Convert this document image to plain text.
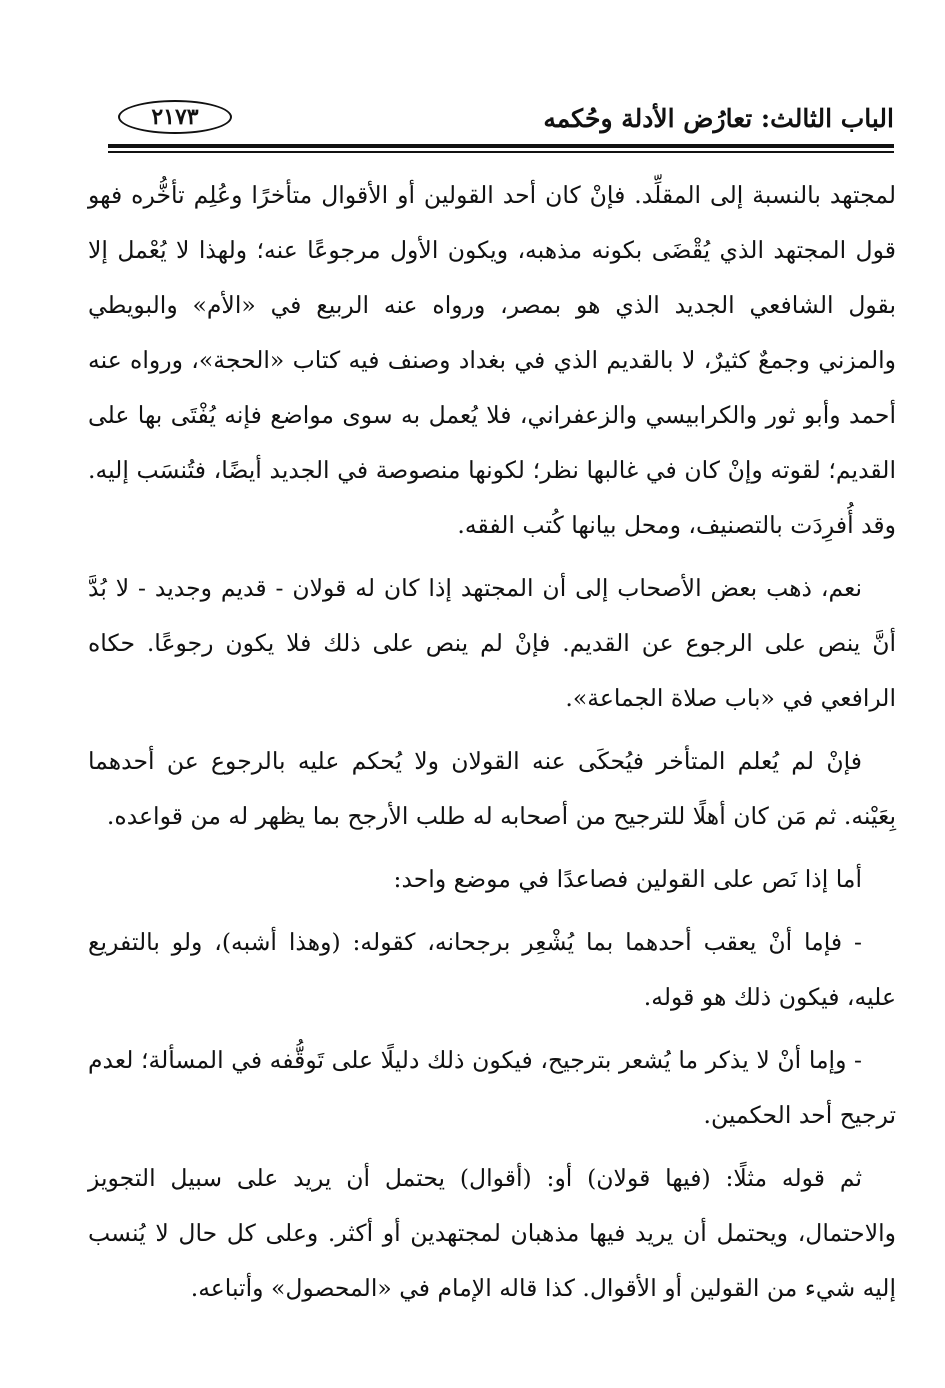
الباب الثالث: تعارُض الأدلة وحُكمه
٢١٧٣

لمجتهد بالنسبة إلى المقلِّد. فإنْ كان أحد القولين أو الأقوال متأخرًا وعُلِم تأخُّره فهو قول المجتهد الذي يُقْضَى بكونه مذهبه، ويكون الأول مرجوعًا عنه؛ ولهذا لا يُعْمل إلا بقول الشافعي الجديد الذي هو بمصر، ورواه عنه الربيع في «الأم» والبويطي والمزني وجمعٌ كثيرٌ، لا بالقديم الذي في بغداد وصنف فيه كتاب «الحجة»، ورواه عنه أحمد وأبو ثور والكرابيسي والزعفراني، فلا يُعمل به سوى مواضع فإنه يُفْتَى بها على القديم؛ لقوته وإنْ كان في غالبها نظر؛ لكونها منصوصة في الجديد أيضًا، فتُنسَب إليه. وقد أُفرِدَت بالتصنيف، ومحل بيانها كُتب الفقه.

نعم، ذهب بعض الأصحاب إلى أن المجتهد إذا كان له قولان - قديم وجديد - لا بُدَّ أنَّ ينص على الرجوع عن القديم. فإنْ لم ينص على ذلك فلا يكون رجوعًا. حكاه الرافعي في «باب صلاة الجماعة».

فإنْ لم يُعلم المتأخر فيُحكَى عنه القولان ولا يُحكم عليه بالرجوع عن أحدهما بِعَيْنه. ثم مَن كان أهلًا للترجيح من أصحابه له طلب الأرجح بما يظهر له من قواعده.

أما إذا نَص على القولين فصاعدًا في موضع واحد:

- فإما أنْ يعقب أحدهما بما يُشْعِر برجحانه، كقوله: (وهذا أشبه)، ولو بالتفريع عليه، فيكون ذلك هو قوله.

- وإما أنْ لا يذكر ما يُشعر بترجيح، فيكون ذلك دليلًا على تَوقُّفه في المسألة؛ لعدم ترجيح أحد الحكمين.

ثم قوله مثلًا: (فيها قولان) أو: (أقوال) يحتمل أن يريد على سبيل التجويز والاحتمال، ويحتمل أن يريد فيها مذهبان لمجتهدين أو أكثر. وعلى كل حال لا يُنسب إليه شيء من القولين أو الأقوال. كذا قاله الإمام في «المحصول» وأتباعه.
